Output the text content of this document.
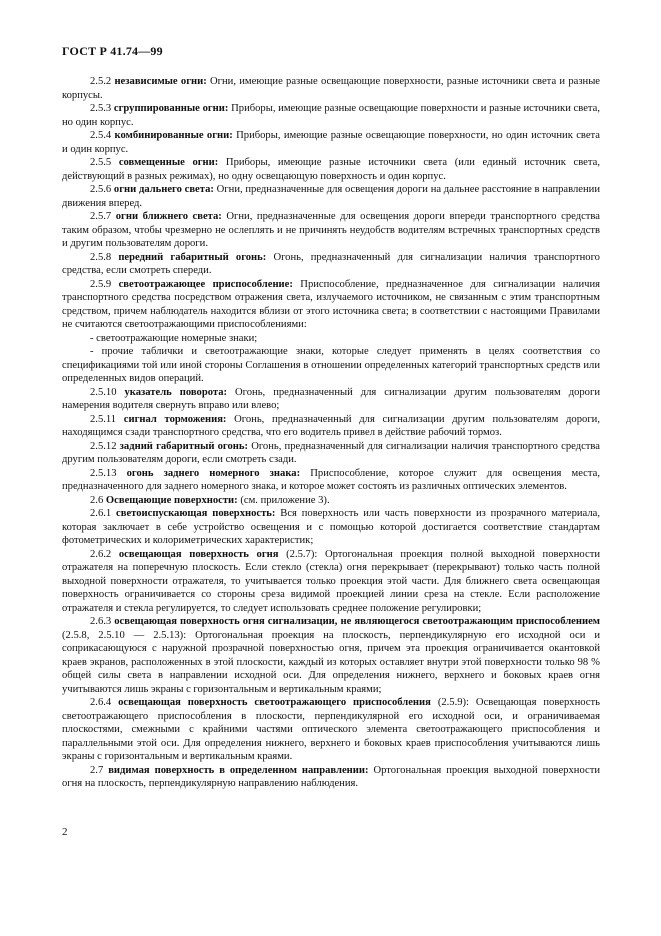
ГОСТ Р 41.74—99

2.5.2 независимые огни: Огни, имеющие разные освещающие поверхности, разные источники света и разные корпусы.

2.5.3 сгруппированные огни: Приборы, имеющие разные освещающие поверхности и разные источники света, но один корпус.

2.5.4 комбинированные огни: Приборы, имеющие разные освещающие поверхности, но один источник света и один корпус.

2.5.5 совмещенные огни: Приборы, имеющие разные источники света (или единый источник света, действующий в разных режимах), но одну освещающую поверхность и один корпус.

2.5.6 огни дальнего света: Огни, предназначенные для освещения дороги на дальнее расстояние в направлении движения вперед.

2.5.7 огни ближнего света: Огни, предназначенные для освещения дороги впереди транспортного средства таким образом, чтобы чрезмерно не ослеплять и не причинять неудобств водителям встречных транспортных средств и другим пользователям дороги.

2.5.8 передний габаритный огонь: Огонь, предназначенный для сигнализации наличия транспортного средства, если смотреть спереди.

2.5.9 светоотражающее приспособление: Приспособление, предназначенное для сигнализации наличия транспортного средства посредством отражения света, излучаемого источником, не связанным с этим транспортным средством, причем наблюдатель находится вблизи от этого источника света; в соответствии с настоящими Правилами не считаются светоотражающими приспособлениями:

- светоотражающие номерные знаки;

- прочие таблички и светоотражающие знаки, которые следует применять в целях соответствия со спецификациями той или иной стороны Соглашения в отношении определенных категорий транспортных средств или определенных видов операций.

2.5.10 указатель поворота: Огонь, предназначенный для сигнализации другим пользователям дороги намерения водителя свернуть вправо или влево;

2.5.11 сигнал торможения: Огонь, предназначенный для сигнализации другим пользователям дороги, находящимся сзади транспортного средства, что его водитель привел в действие рабочий тормоз.

2.5.12 задний габаритный огонь: Огонь, предназначенный для сигнализации наличия транспортного средства другим пользователям дороги, если смотреть сзади.

2.5.13 огонь заднего номерного знака: Приспособление, которое служит для освещения места, предназначенного для заднего номерного знака, и которое может состоять из различных оптических элементов.

2.6 Освещающие поверхности: (см. приложение 3).

2.6.1 светоиспускающая поверхность: Вся поверхность или часть поверхности из прозрачного материала, которая заключает в себе устройство освещения и с помощью которой достигается соответствие стандартам фотометрических и колориметрических характеристик;

2.6.2 освещающая поверхность огня (2.5.7): Ортогональная проекция полной выходной поверхности отражателя на поперечную плоскость. Если стекло (стекла) огня перекрывает (перекрывают) только часть полной выходной поверхности отражателя, то учитывается только проекция этой части. Для ближнего света освещающая поверхность ограничивается со стороны среза видимой проекцией линии среза на стекле. Если расположение отражателя и стекла регулируется, то следует использовать среднее положение регулировки;

2.6.3 освещающая поверхность огня сигнализации, не являющегося светоотражающим приспособлением (2.5.8, 2.5.10 — 2.5.13): Ортогональная проекция на плоскость, перпендикулярную его исходной оси и соприкасающуюся с наружной прозрачной поверхностью огня, причем эта проекция ограничивается окантовкой краев экранов, расположенных в этой плоскости, каждый из которых оставляет внутри этой поверхности только 98 % общей силы света в направлении исходной оси. Для определения нижнего, верхнего и боковых краев огня учитываются лишь экраны с горизонтальным и вертикальным краями;

2.6.4 освещающая поверхность светоотражающего приспособления (2.5.9): Освещающая поверхность светоотражающего приспособления в плоскости, перпендикулярной его исходной оси, и ограничиваемая плоскостями, смежными с крайними частями оптического элемента светоотражающего приспособления и параллельными этой оси. Для определения нижнего, верхнего и боковых краев приспособления учитываются лишь экраны с горизонтальным и вертикальным краями.

2.7 видимая поверхность в определенном направлении: Ортогональная проекция выходной поверхности огня на плоскость, перпендикулярную направлению наблюдения.

2
